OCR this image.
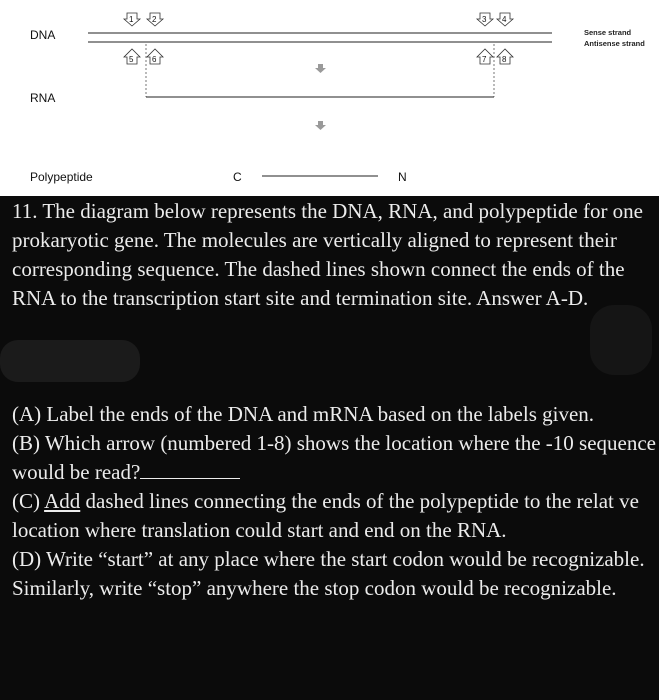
1 2	3 4
5 6	7 8
DNA
RNA
Polypeptide	C	N
Sense strand
Antisense strand

11. The diagram below represents the DNA, RNA, and polypeptide for one prokaryotic gene. The molecules are vertically aligned to represent their corresponding sequence. The dashed lines shown connect the ends of the RNA to the transcription start site and termination site. Answer A-D.

(A) Label the ends of the DNA and mRNA based on the labels given.

(B) Which arrow (numbered 1-8) shows the location where the -10 sequence would be read?

(C) Add dashed lines connecting the ends of the polypeptide to the relat ve location where translation could start and end on the RNA.

(D) Write “start” at any place where the start codon would be recognizable. Similarly, write “stop” anywhere the stop codon would be recognizable.
